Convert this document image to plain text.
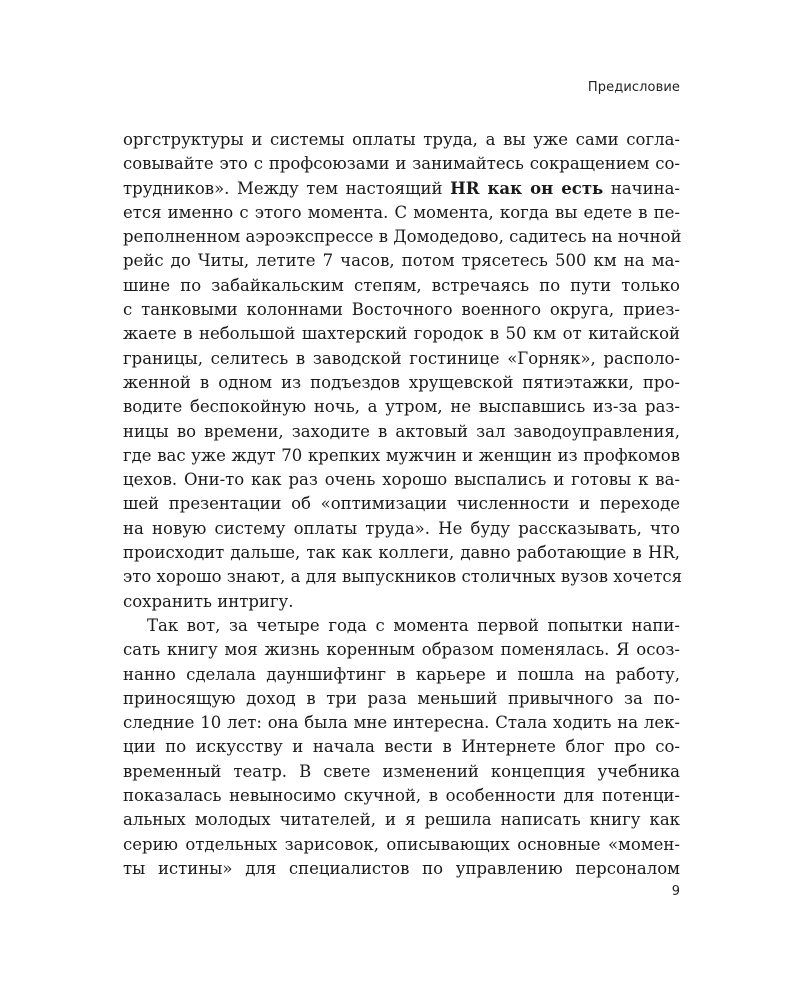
Предисловие
оргструктуры и системы оплаты труда, а вы уже сами согла-
совывайте это с профсоюзами и занимайтесь сокращением со-
трудников». Между тем настоящий HR как он есть начина-
ется именно с этого момента. С момента, когда вы едете в пе-
реполненном аэроэкспрессе в Домодедово, садитесь на ночной
рейс до Читы, летите 7 часов, потом трясетесь 500 км на ма-
шине по забайкальским степям, встречаясь по пути только
с танковыми колоннами Восточного военного округа, приез-
жаете в небольшой шахтерский городок в 50 км от китайской
границы, селитесь в заводской гостинице «Горняк», располо-
женной в одном из подъездов хрущевской пятиэтажки, про-
водите беспокойную ночь, а утром, не выспавшись из-за раз-
ницы во времени, заходите в актовый зал заводоуправления,
где вас уже ждут 70 крепких мужчин и женщин из профкомов
цехов. Они-то как раз очень хорошо выспались и готовы к ва-
шей презентации об «оптимизации численности и переходе
на новую систему оплаты труда». Не буду рассказывать, что
происходит дальше, так как коллеги, давно работающие в HR,
это хорошо знают, а для выпускников столичных вузов хочется
сохранить интригу.
Так вот, за четыре года с момента первой попытки напи-
сать книгу моя жизнь коренным образом поменялась. Я осоз-
нанно сделала дауншифтинг в карьере и пошла на работу,
приносящую доход в три раза меньший привычного за по-
следние 10 лет: она была мне интересна. Стала ходить на лек-
ции по искусству и начала вести в Интернете блог про со-
временный театр. В свете изменений концепция учебника
показалась невыносимо скучной, в особенности для потенци-
альных молодых читателей, и я решила написать книгу как
серию отдельных зарисовок, описывающих основные «момен-
ты истины» для специалистов по управлению персоналом
9
